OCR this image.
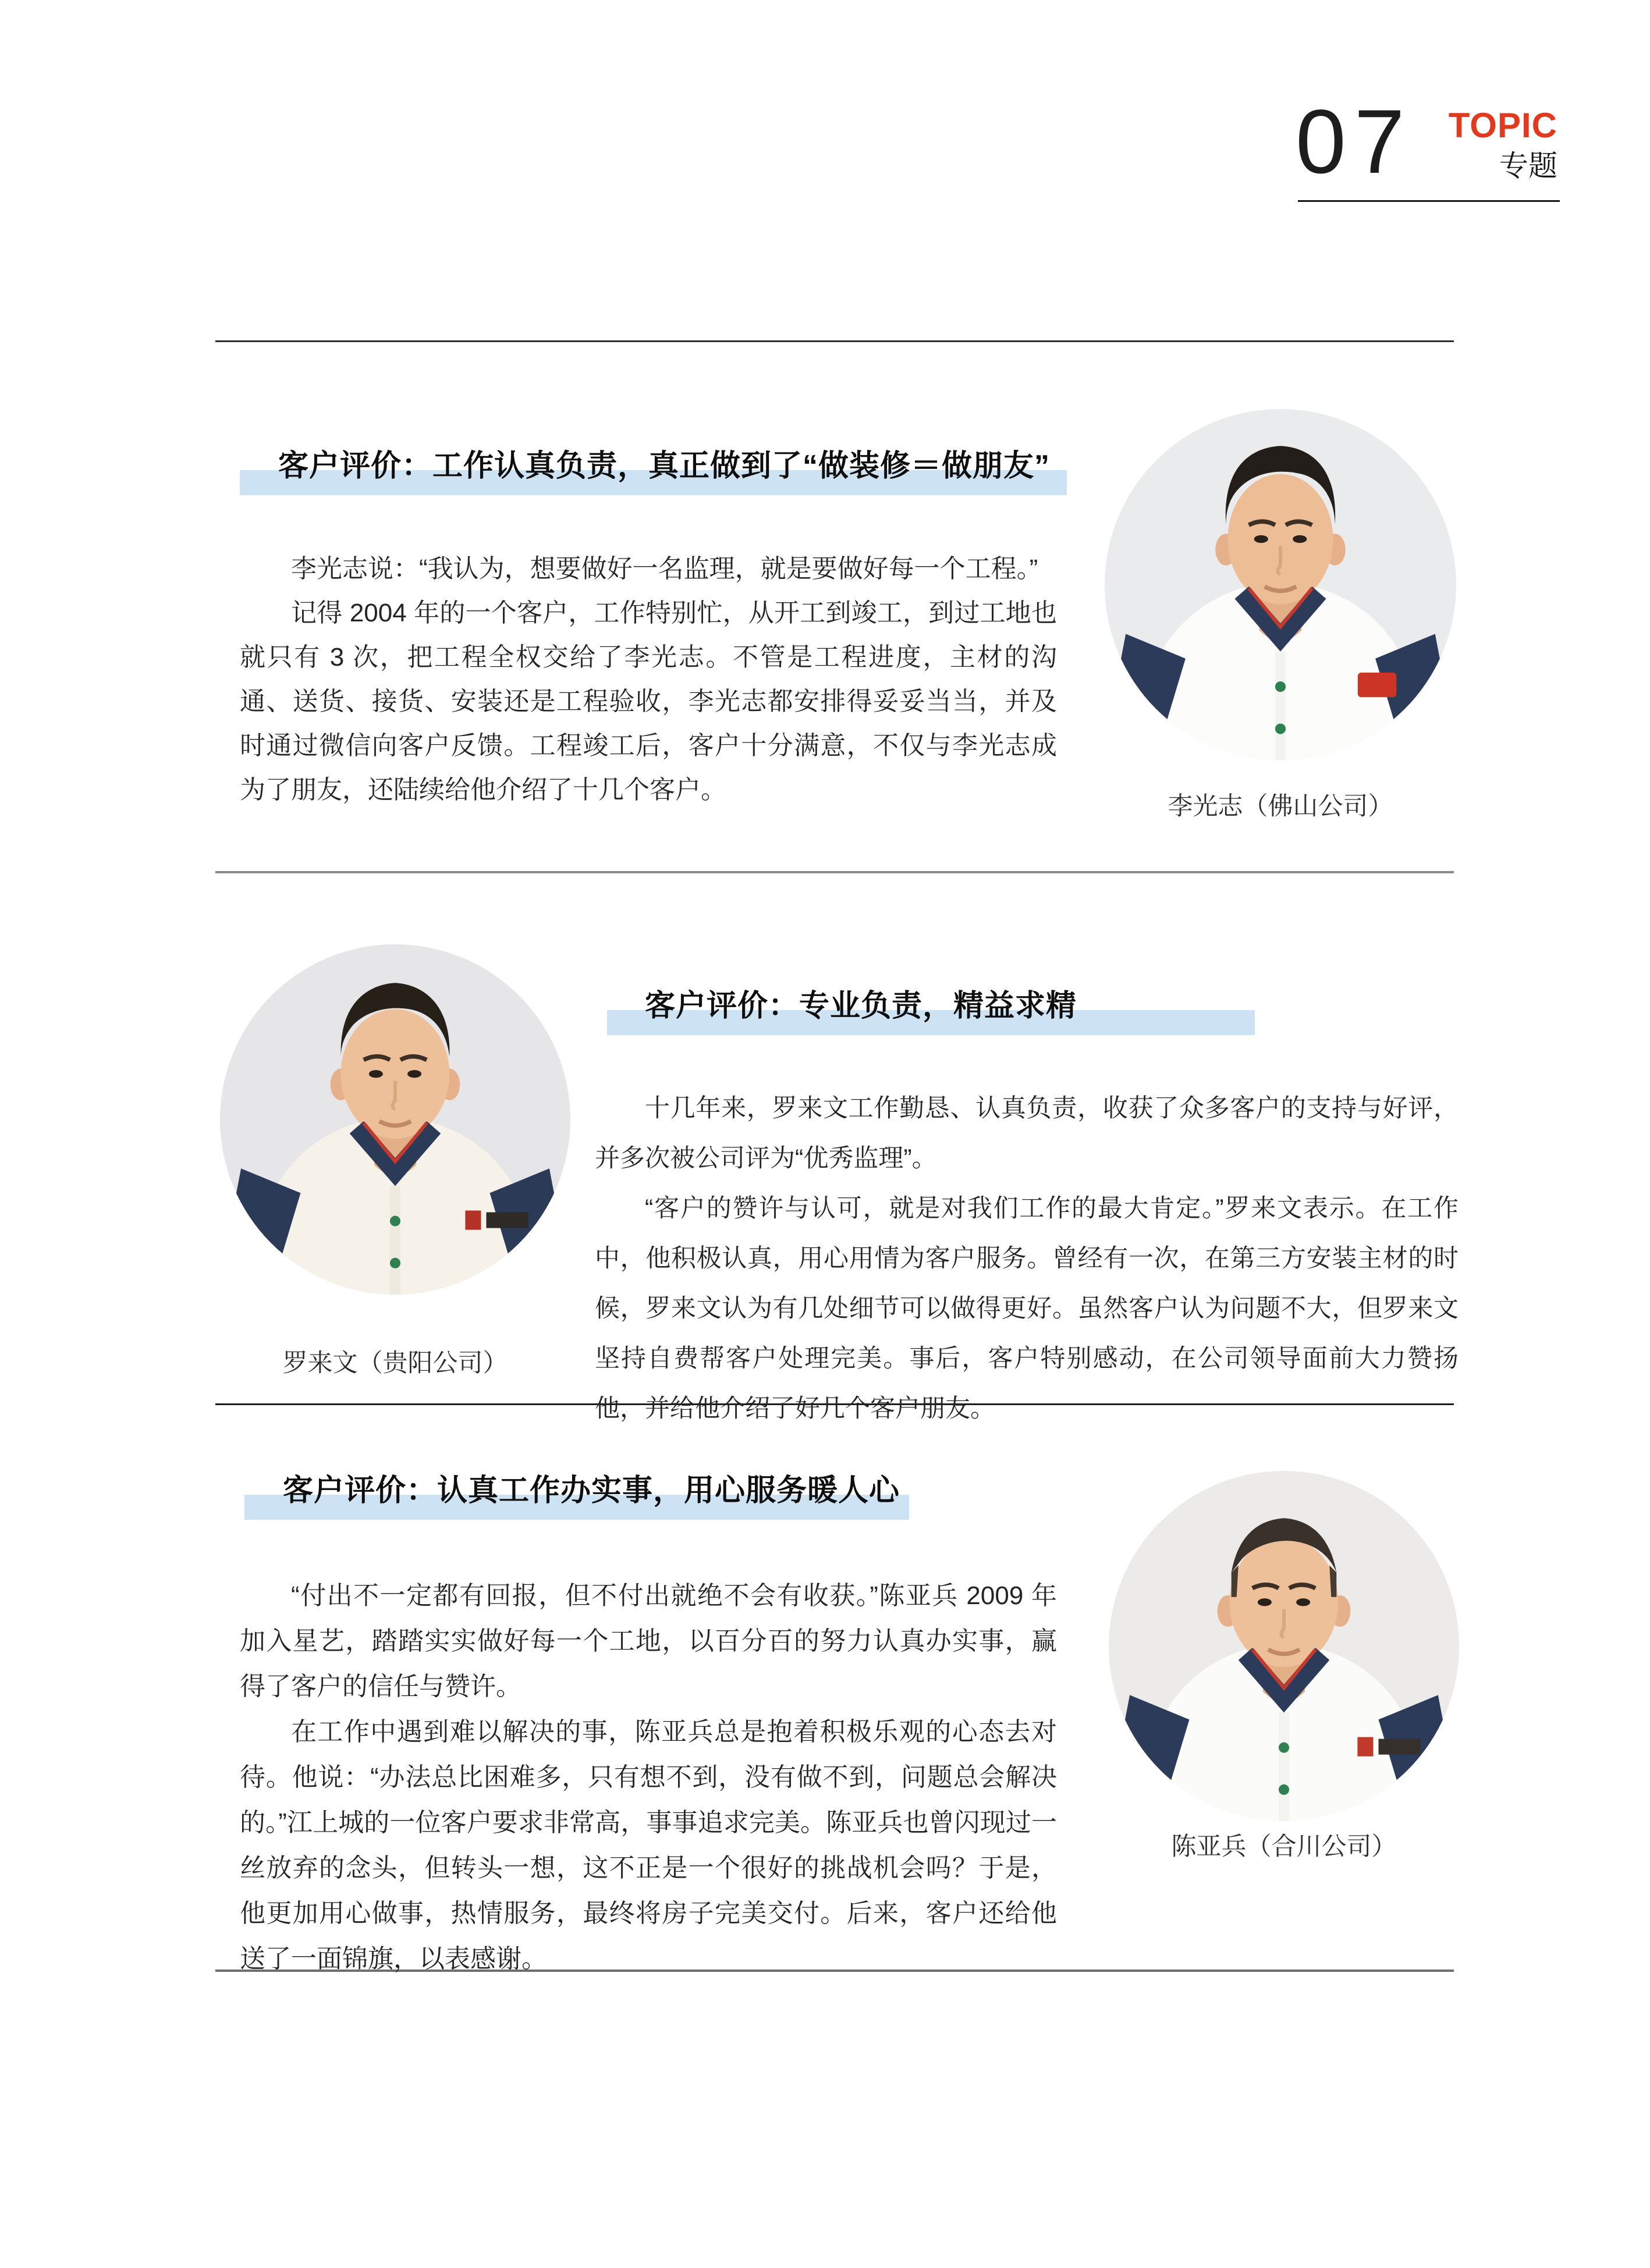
07 TOPIC
专题
客户评价：工作认真负责，真正做到了“做装修＝做朋友”

李光志说：“我认为，想要做好一名监理，就是要做好每一个工程。”

记得 2004 年的一个客户，工作特别忙，从开工到竣工，到过工地也就只有 3 次，把工程全权交给了李光志。不管是工程进度，主材的沟通、送货、接货、安装还是工程验收，李光志都安排得妥妥当当，并及时通过微信向客户反馈。工程竣工后，客户十分满意，不仅与李光志成为了朋友，还陆续给他介绍了十几个客户。

李光志（佛山公司）
罗来文（贵阳公司）
客户评价：专业负责，精益求精

十几年来，罗来文工作勤恳、认真负责，收获了众多客户的支持与好评，并多次被公司评为“优秀监理”。

“客户的赞许与认可，就是对我们工作的最大肯定。”罗来文表示。在工作中，他积极认真，用心用情为客户服务。曾经有一次，在第三方安装主材的时候，罗来文认为有几处细节可以做得更好。虽然客户认为问题不大，但罗来文坚持自费帮客户处理完美。事后，客户特别感动，在公司领导面前大力赞扬他，并给他介绍了好几个客户朋友。

客户评价：认真工作办实事，用心服务暖人心

“付出不一定都有回报，但不付出就绝不会有收获。”陈亚兵 2009 年加入星艺，踏踏实实做好每一个工地，以百分百的努力认真办实事，赢得了客户的信任与赞许。

在工作中遇到难以解决的事，陈亚兵总是抱着积极乐观的心态去对待。他说：“办法总比困难多，只有想不到，没有做不到，问题总会解决的。”江上城的一位客户要求非常高，事事追求完美。陈亚兵也曾闪现过一丝放弃的念头，但转头一想，这不正是一个很好的挑战机会吗？于是，他更加用心做事，热情服务，最终将房子完美交付。后来，客户还给他送了一面锦旗，以表感谢。

陈亚兵（合川公司）
